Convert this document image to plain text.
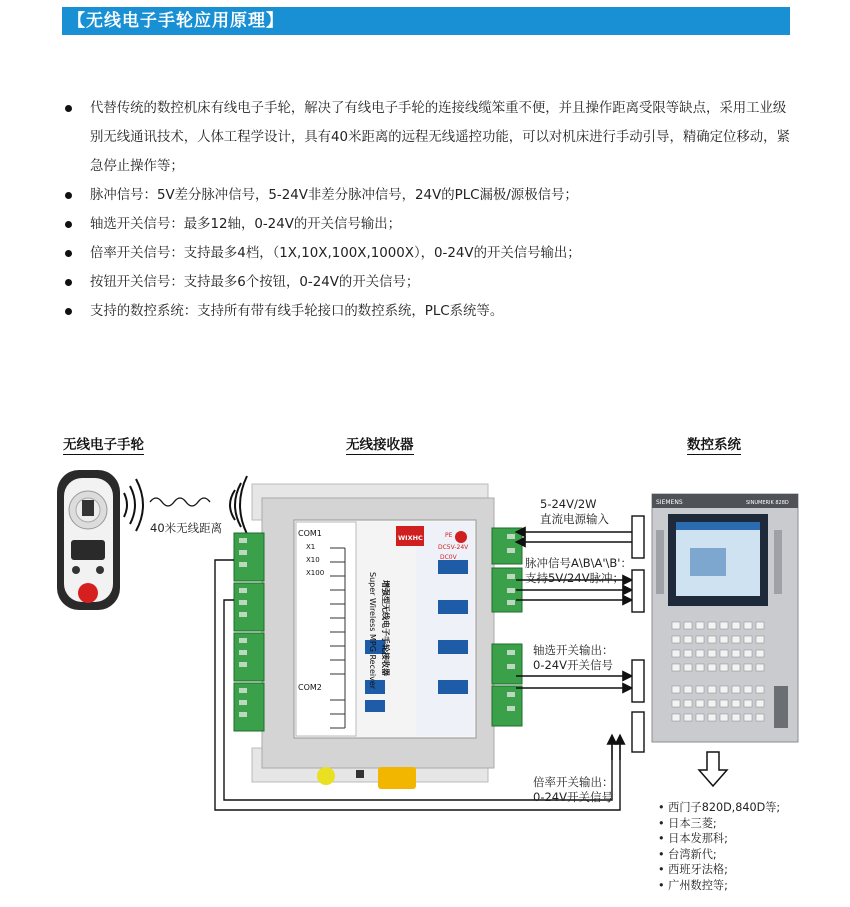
【无线电子手轮应用原理】
代替传统的数控机床有线电子手轮，解决了有线电子手轮的连接线缆笨重不便，并且操作距离受限等缺点，采用工业级别无线通讯技术，人体工程学设计，具有40米距离的远程无线遥控功能，可以对机床进行手动引导，精确定位移动，紧急停止操作等；
脉冲信号：5V差分脉冲信号，5-24V非差分脉冲信号，24V的PLC漏极/源极信号；
轴选开关信号：最多12轴，0-24V的开关信号输出；
倍率开关信号：支持最多4档，（1X,10X,100X,1000X），0-24V的开关信号输出；
按钮开关信号：支持最多6个按钮，0-24V的开关信号；
支持的数控系统：支持所有带有线手轮接口的数控系统，PLC系统等。
无线电子手轮	无线接收器	数控系统
COM1
X1
X10
X100
COM2
PE
DC5V-24V
DC0V
增强型无线电子手轮接收器
Super Wireless MPG Receiver
WIXHC
SIEMENS	SINUMERIK 828D
40米无线距离
5-24V/2W
直流电源输入
脉冲信号A\B\A'\B'：
支持5V/24V脉冲；
轴选开关输出：
0-24V开关信号
倍率开关输出：
0-24V开关信号
• 西门子820D,840D等;
• 日本三菱;
• 日本发那科;
• 台湾新代;
• 西班牙法格;
• 广州数控等;
